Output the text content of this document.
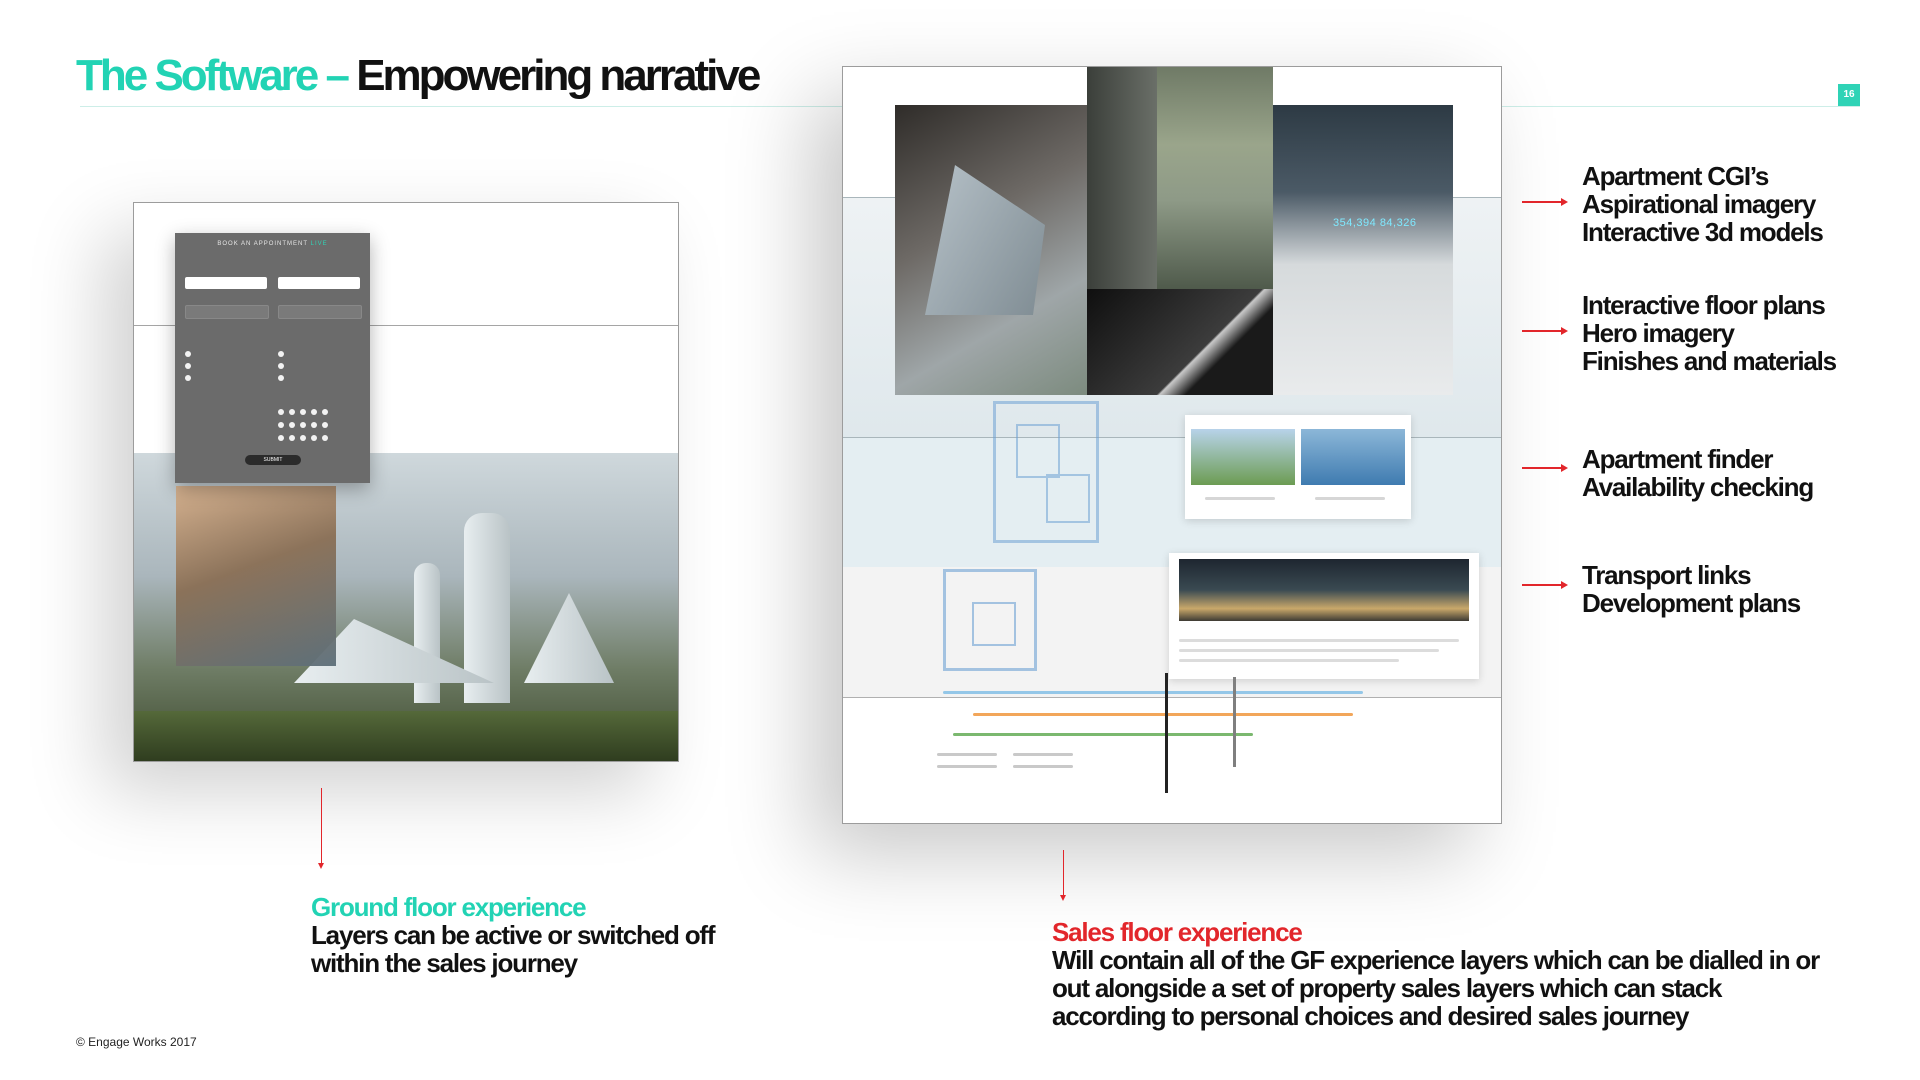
The Software – Empowering narrative	16
BOOK AN APPOINTMENT LIVE
SUBMIT
354,394 84,326
Apartment CGI’s
Aspirational imagery
Interactive 3d models
Interactive floor plans
Hero imagery
Finishes and materials
Apartment finder
Availability checking
Transport links
Development plans
Ground floor experience
Layers can be active or switched off
within the sales journey
Sales floor experience
Will contain all of the GF experience layers which can be dialled in or
out alongside a set of property sales layers which can stack
according to personal choices and desired sales journey
© Engage Works 2017
